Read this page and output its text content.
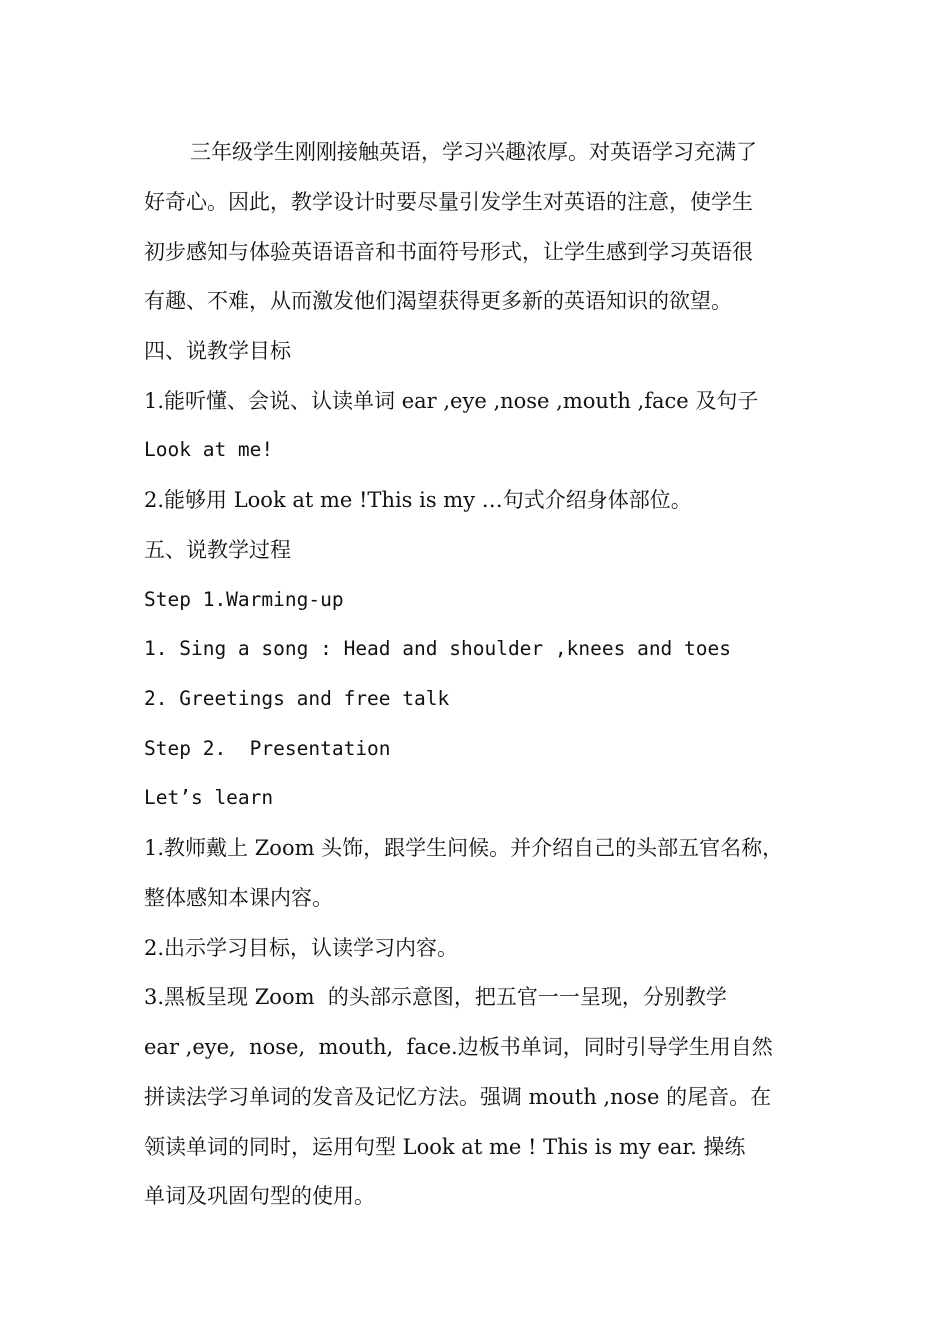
三年级学生刚刚接触英语，学习兴趣浓厚。对英语学习充满了
好奇心。因此，教学设计时要尽量引发学生对英语的注意，使学生
初步感知与体验英语语音和书面符号形式，让学生感到学习英语很
有趣、不难，从而激发他们渴望获得更多新的英语知识的欲望。
四、说教学目标
1.能听懂、会说、认读单词 ear ,eye ,nose ,mouth ,face 及句子
Look at me!
2.能够用 Look at me !This is my …句式介绍身体部位。
五、说教学过程
Step 1.Warming-up
1. Sing a song : Head and shoulder ,knees and toes
2. Greetings and free talk
Step 2.  Presentation
Let’s learn
1.教师戴上 Zoom 头饰，跟学生问候。并介绍自己的头部五官名称，
整体感知本课内容。
2.出示学习目标，认读学习内容。
3.黑板呈现 Zoom  的头部示意图，把五官一一呈现，分别教学
ear ,eye,  nose,  mouth,  face.边板书单词，同时引导学生用自然
拼读法学习单词的发音及记忆方法。强调 mouth ,nose 的尾音。在
领读单词的同时，运用句型 Look at me ! This is my ear. 操练
单词及巩固句型的使用。
